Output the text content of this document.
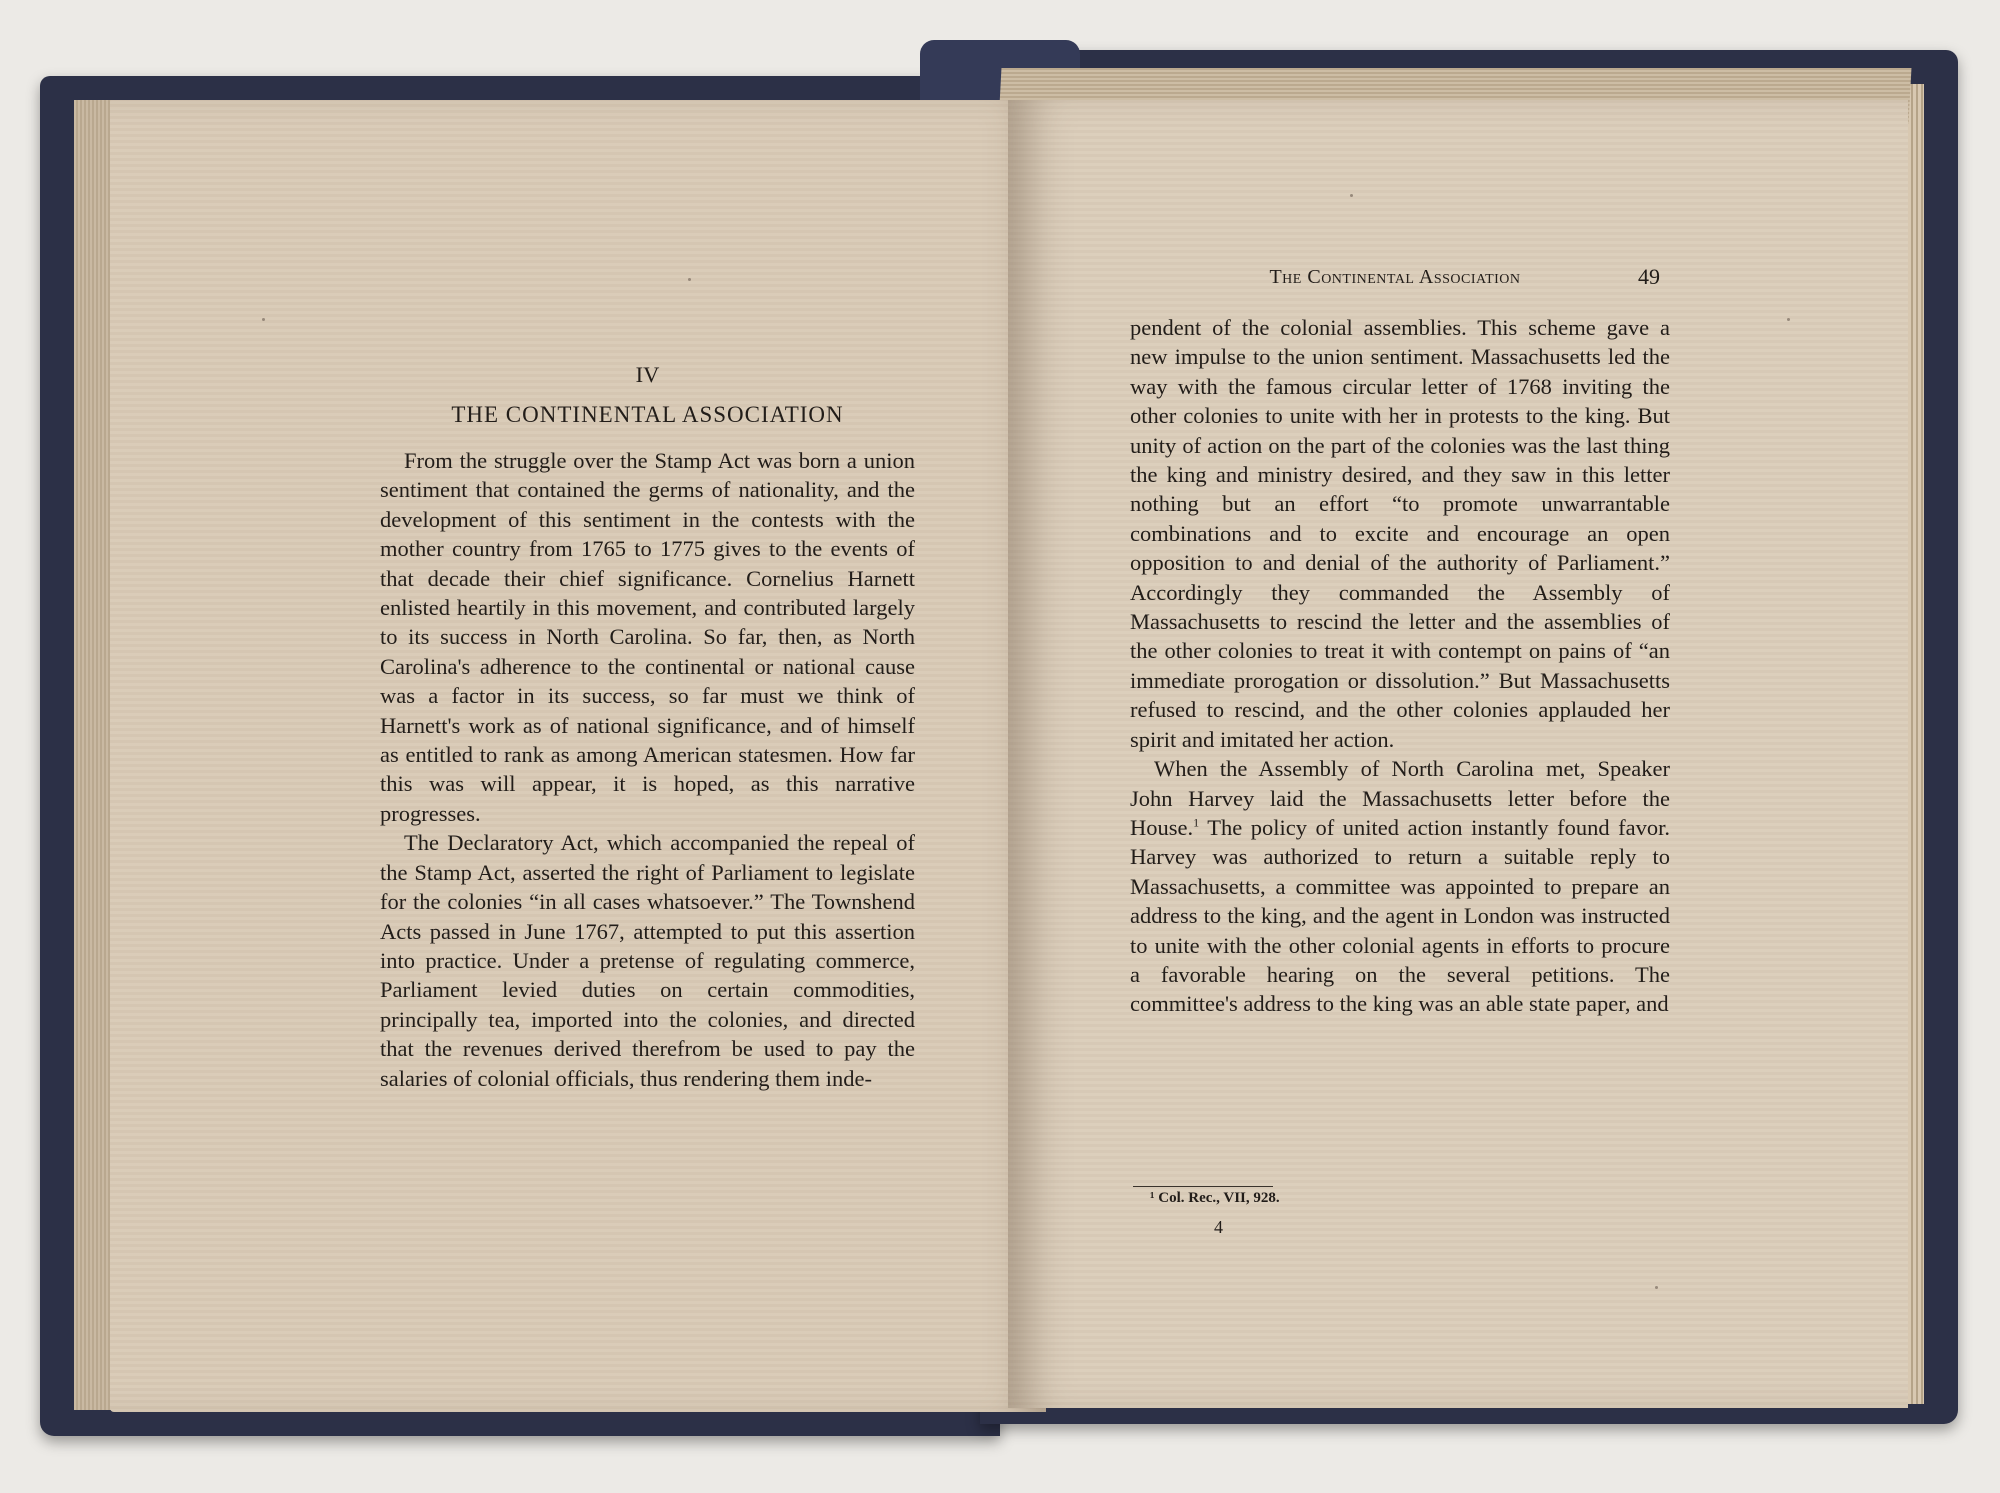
IV
THE CONTINENTAL ASSOCIATION

From the struggle over the Stamp Act was born a union sentiment that contained the germs of nationality, and the development of this sentiment in the contests with the mother country from 1765 to 1775 gives to the events of that decade their chief significance. Cornelius Harnett enlisted heartily in this movement, and contributed largely to its success in North Carolina. So far, then, as North Carolina's adherence to the continental or national cause was a factor in its success, so far must we think of Harnett's work as of national significance, and of himself as entitled to rank as among American statesmen. How far this was will appear, it is hoped, as this narrative progresses.

The Declaratory Act, which accompanied the repeal of the Stamp Act, asserted the right of Parliament to legislate for the colonies “in all cases whatsoever.” The Townshend Acts passed in June 1767, attempted to put this assertion into practice. Under a pretense of regulating commerce, Parliament levied duties on certain commodities, principally tea, imported into the colonies, and directed that the revenues derived therefrom be used to pay the salaries of colonial officials, thus rendering them inde-

The Continental Association	49

pendent of the colonial assemblies. This scheme gave a new impulse to the union sentiment. Massachusetts led the way with the famous circular letter of 1768 inviting the other colonies to unite with her in protests to the king. But unity of action on the part of the colonies was the last thing the king and ministry desired, and they saw in this letter nothing but an effort “to promote unwarrantable combinations and to excite and encourage an open opposition to and denial of the authority of Parliament.” Accordingly they commanded the Assembly of Massachusetts to rescind the letter and the assemblies of the other colonies to treat it with contempt on pains of “an immediate prorogation or dissolution.” But Massachusetts refused to rescind, and the other colonies applauded her spirit and imitated her action.

When the Assembly of North Carolina met, Speaker John Harvey laid the Massachusetts letter before the House.$^1$ The policy of united action instantly found favor. Harvey was authorized to return a suitable reply to Massachusetts, a committee was appointed to prepare an address to the king, and the agent in London was instructed to unite with the other colonial agents in efforts to procure a favorable hearing on the several petitions. The committee's address to the king was an able state paper, and

¹ Col. Rec., VII, 928.
4
